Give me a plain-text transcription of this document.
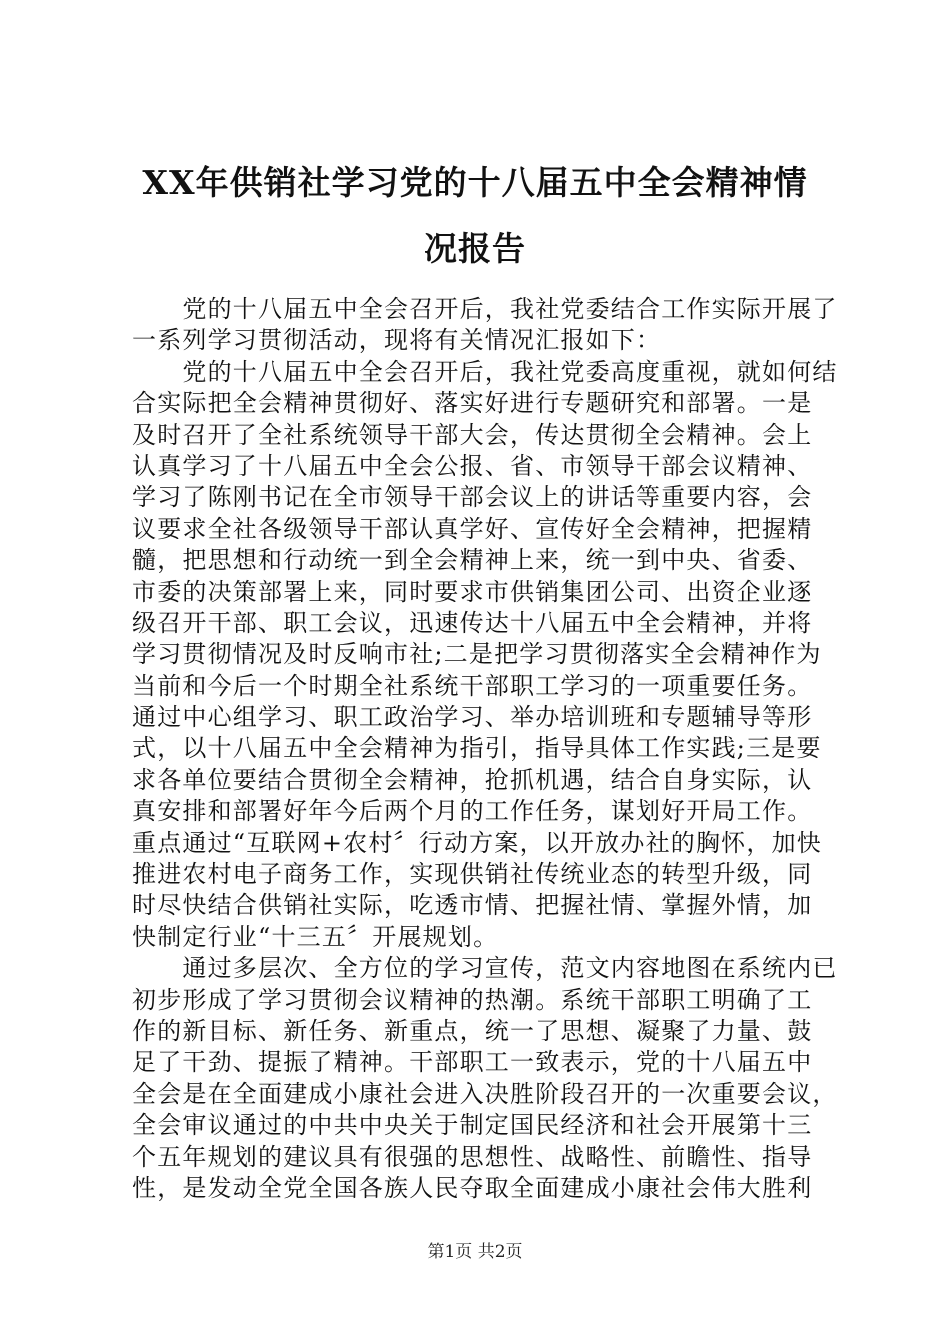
XX年供销社学习党的十八届五中全会精神情
况报告
　　党的十八届五中全会召开后，我社党委结合工作实际开展了
一系列学习贯彻活动，现将有关情况汇报如下：
　　党的十八届五中全会召开后，我社党委高度重视，就如何结
合实际把全会精神贯彻好、落实好进行专题研究和部署。一是
及时召开了全社系统领导干部大会，传达贯彻全会精神。会上
认真学习了十八届五中全会公报、省、市领导干部会议精神、
学习了陈刚书记在全市领导干部会议上的讲话等重要内容，会
议要求全社各级领导干部认真学好、宣传好全会精神，把握精
髓，把思想和行动统一到全会精神上来，统一到中央、省委、
市委的决策部署上来，同时要求市供销集团公司、出资企业逐
级召开干部、职工会议，迅速传达十八届五中全会精神，并将
学习贯彻情况及时反响市社;二是把学习贯彻落实全会精神作为
当前和今后一个时期全社系统干部职工学习的一项重要任务。
通过中心组学习、职工政治学习、举办培训班和专题辅导等形
式，以十八届五中全会精神为指引，指导具体工作实践;三是要
求各单位要结合贯彻全会精神，抢抓机遇，结合自身实际，认
真安排和部署好年今后两个月的工作任务，谋划好开局工作。
重点通过“互联网+农村〞行动方案，以开放办社的胸怀，加快
推进农村电子商务工作，实现供销社传统业态的转型升级，同
时尽快结合供销社实际，吃透市情、把握社情、掌握外情，加
快制定行业“十三五〞开展规划。
　　通过多层次、全方位的学习宣传，范文内容地图在系统内已
初步形成了学习贯彻会议精神的热潮。系统干部职工明确了工
作的新目标、新任务、新重点，统一了思想、凝聚了力量、鼓
足了干劲、提振了精神。干部职工一致表示，党的十八届五中
全会是在全面建成小康社会进入决胜阶段召开的一次重要会议，
全会审议通过的中共中央关于制定国民经济和社会开展第十三
个五年规划的建议具有很强的思想性、战略性、前瞻性、指导
性，是发动全党全国各族人民夺取全面建成小康社会伟大胜利
第1页 共2页
